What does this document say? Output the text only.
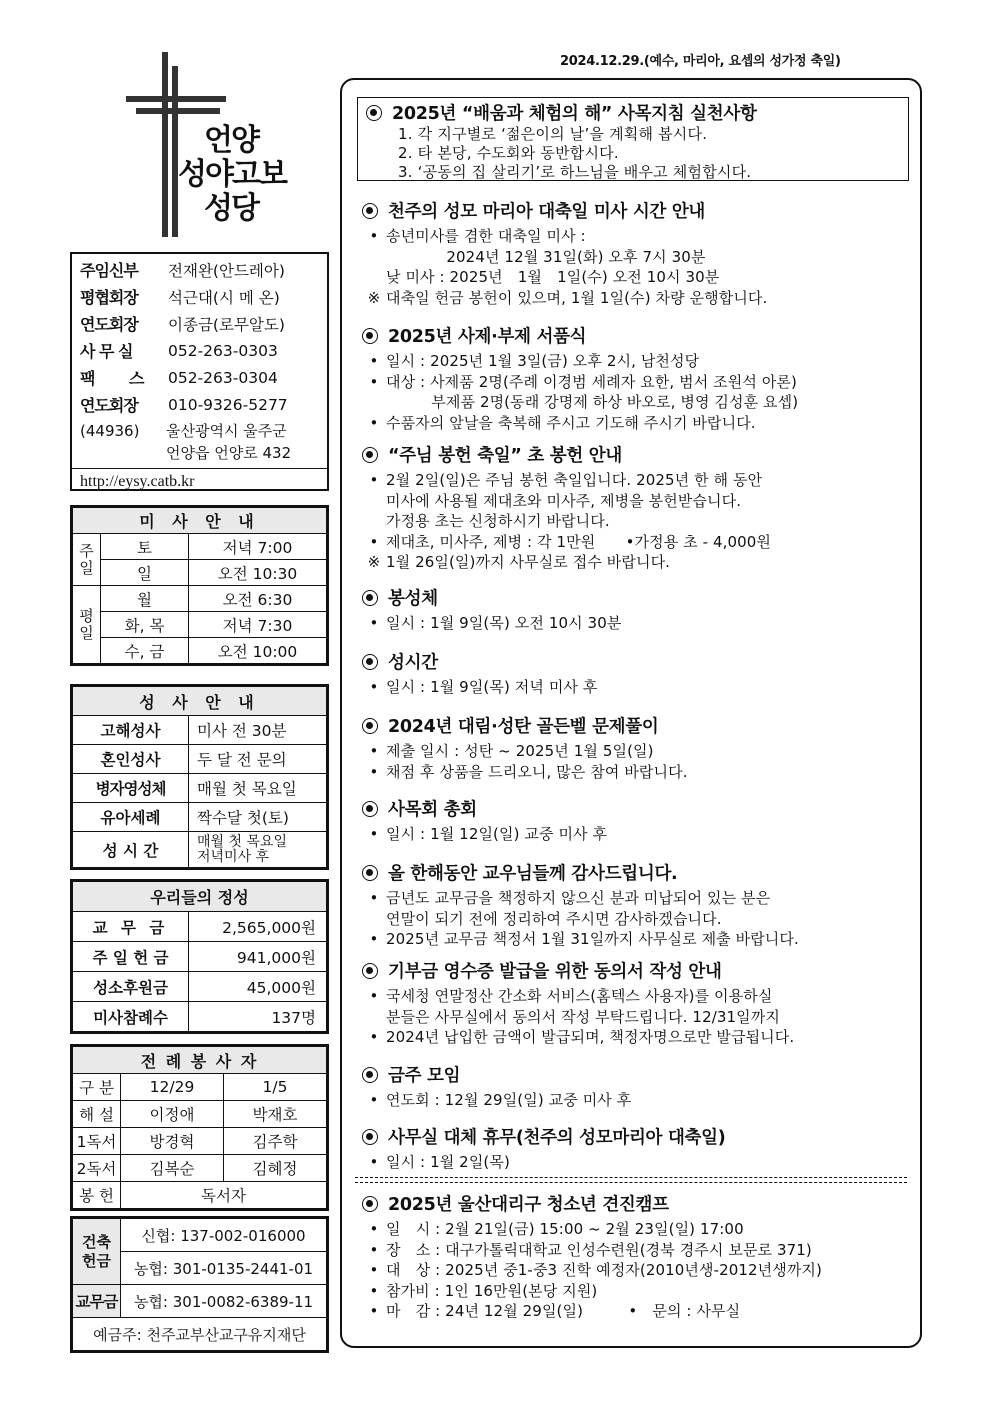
2024.12.29.(예수, 마리아, 요셉의 성가정 축일)
언양
성야고보
성당
주임신부	전재완(안드레아)
평협회장	석근대(시 메 온)
연도회장	이종금(로무알도)
사 무 실	052-263-0303
팩 스 052-263-0304
연도회장	010-9326-5277
(44936)	울산광역시 울주군
언양읍 언양로 432
http://eysy.catb.kr
미 사 안 내		
주일	토	저녁 7:00
	일	오전 10:30
평일	월	오전 6:30
	화, 목	저녁 7:30
	수, 금	오전 10:00
성 사 안 내	
고해성사	미사 전 30분
혼인성사	두 달 전 문의
병자영성체	매월 첫 목요일
유아세례	짝수달 첫(토)
성 시 간	매월 첫 목요일
저녁미사 후
우리들의 정성	
교 무 금	2,565,000원
주 일 헌 금	941,000원
성소후원금	45,000원
미사참례수	137명
전 례 봉 사 자		
구 분	12/29	1/5
해 설	이정애	박재호
1독서	방경혁	김주학
2독서	김복순	김혜정
봉 헌	독서자	
건축헌금	신협: 137-002-016000
	농협: 301-0135-2441-01
교무금	농협: 301-0082-6389-11
예금주: 천주교부산교구유지재단	
2025년 “배움과 체험의 해” 사목지침 실천사항
1. 각 지구별로 ‘젊은이의 날’을 계획해 봅시다.
2. 타 본당, 수도회와 동반합시다.
3. ‘공동의 집 살리기’로 하느님을 배우고 체험합시다.
천주의 성모 마리아 대축일 미사 시간 안내
• 송년미사를 겸한 대축일 미사 :
　　　　2024년 12월 31일(화) 오후 7시 30분
낮 미사 : 2025년　1월　1일(수) 오전 10시 30분
※ 대축일 헌금 봉헌이 있으며, 1월 1일(수) 차량 운행합니다.
2025년 사제·부제 서품식
• 일시 : 2025년 1월 3일(금) 오후 2시, 남천성당
• 대상 : 사제품 2명(주례 이경범 세례자 요한, 범서 조원석 아론)
　　　부제품 2명(동래 강명제 하상 바오로, 병영 김성훈 요셉)
• 수품자의 앞날을 축복해 주시고 기도해 주시기 바랍니다.
“주님 봉헌 축일” 초 봉헌 안내
• 2월 2일(일)은 주님 봉헌 축일입니다. 2025년 한 해 동안
미사에 사용될 제대초와 미사주, 제병을 봉헌받습니다.
가정용 초는 신청하시기 바랍니다.
• 제대초, 미사주, 제병 : 각 1만원　　•가정용 초 - 4,000원
※ 1월 26일(일)까지 사무실로 접수 바랍니다.
봉성체
• 일시 : 1월 9일(목) 오전 10시 30분
성시간
• 일시 : 1월 9일(목) 저녁 미사 후
2024년 대림·성탄 골든벨 문제풀이
• 제출 일시 : 성탄 ~ 2025년 1월 5일(일)
• 채점 후 상품을 드리오니, 많은 참여 바랍니다.
사목회 총회
• 일시 : 1월 12일(일) 교중 미사 후
올 한해동안 교우님들께 감사드립니다.
• 금년도 교무금을 책정하지 않으신 분과 미납되어 있는 분은
연말이 되기 전에 정리하여 주시면 감사하겠습니다.
• 2025년 교무금 책정서 1월 31일까지 사무실로 제출 바랍니다.
기부금 영수증 발급을 위한 동의서 작성 안내
• 국세청 연말정산 간소화 서비스(홈텍스 사용자)를 이용하실
분들은 사무실에서 동의서 작성 부탁드립니다. 12/31일까지
• 2024년 납입한 금액이 발급되며, 책정자명으로만 발급됩니다.
금주 모임
• 연도회 : 12월 29일(일) 교중 미사 후
사무실 대체 휴무(천주의 성모마리아 대축일)
• 일시 : 1월 2일(목)
2025년 울산대리구 청소년 견진캠프
• 일　시 : 2월 21일(금) 15:00 ~ 2월 23일(일) 17:00
• 장　소 : 대구가톨릭대학교 인성수련원(경북 경주시 보문로 371)
• 대　상 : 2025년 중1-중3 진학 예정자(2010년생-2012년생까지)
• 참가비 : 1인 16만원(본당 지원)
• 마　감 : 24년 12월 29일(일)　　　•　문의 : 사무실
